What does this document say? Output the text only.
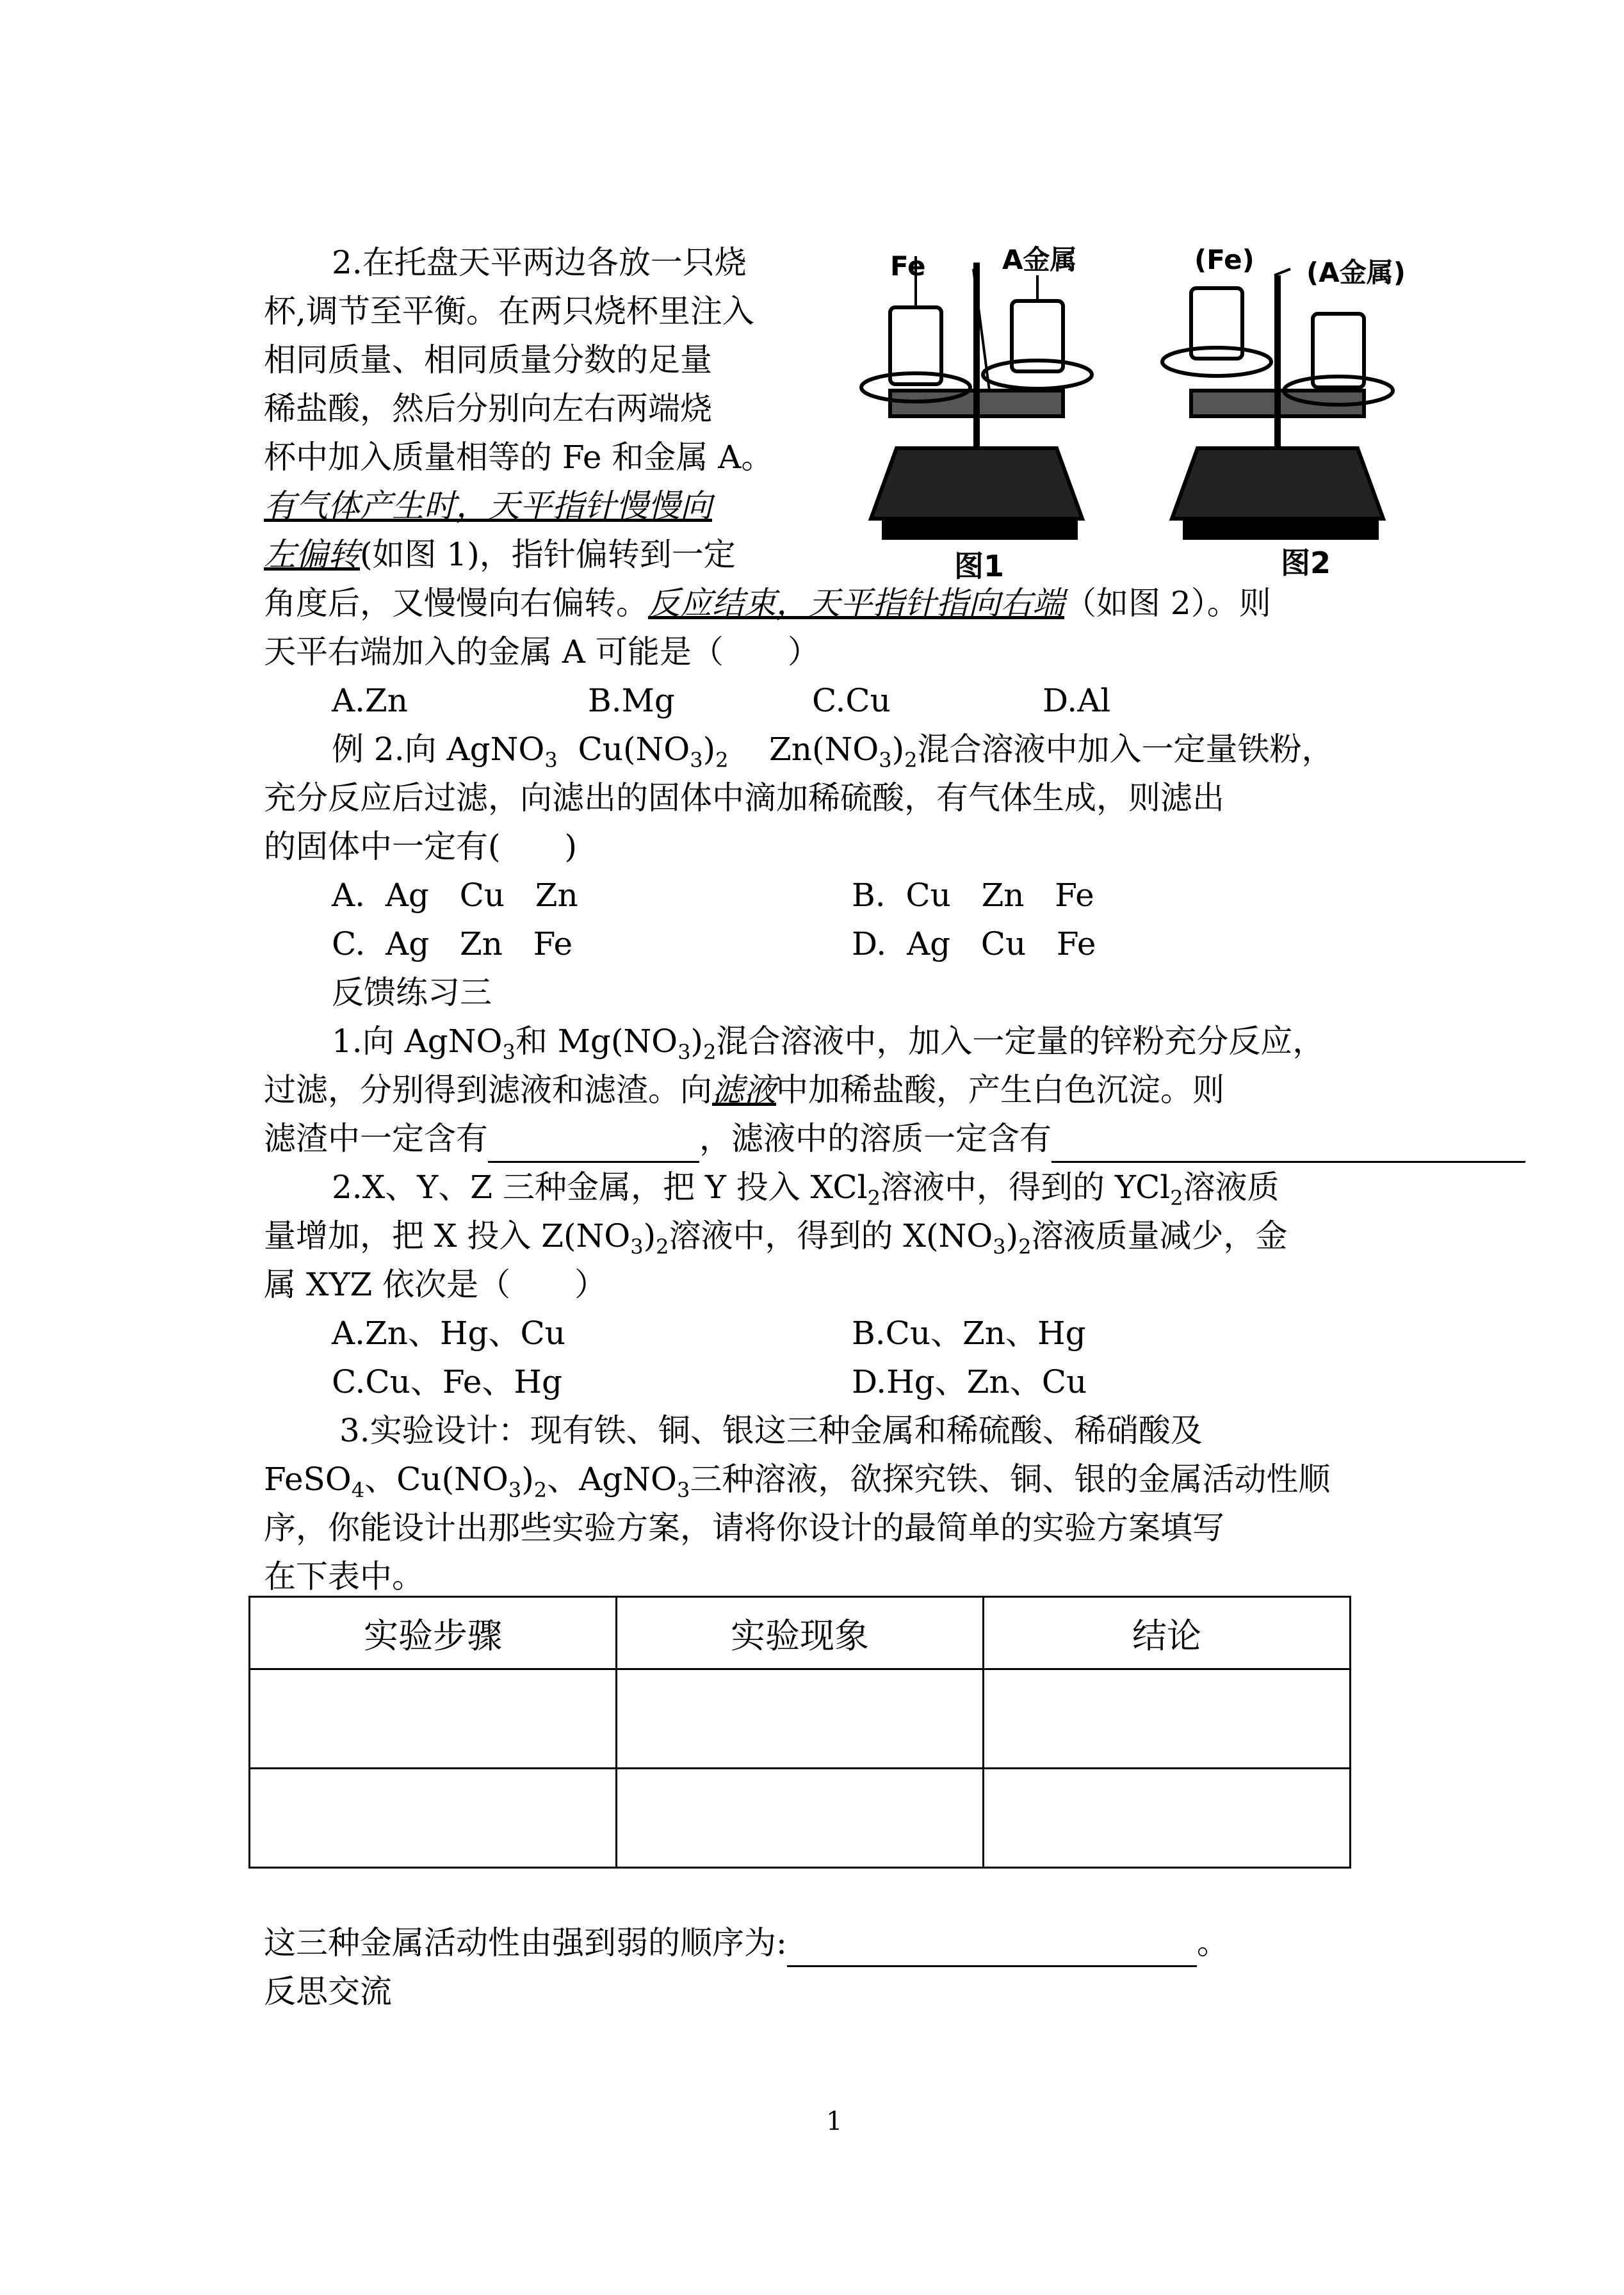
2.在托盘天平两边各放一只烧
杯,调节至平衡。在两只烧杯里注入
相同质量、相同质量分数的足量
稀盐酸，然后分别向左右两端烧
杯中加入质量相等的 Fe 和金属 A。
有气体产生时，天平指针慢慢向
左偏转(如图 1)，指针偏转到一定
角度后，又慢慢向右偏转。反应结束，天平指针指向右端（如图 2）。则
天平右端加入的金属 A 可能是（　　）
A.Zn	B.Mg	C.Cu	D.Al
Fe	A金属	(Fe) (A金属)
图1	图2
例 2.向 AgNO$_3$ $Cu(NO_3)_2$ $Zn(NO_3)_2$混合溶液中加入一定量铁粉，
充分反应后过滤，向滤出的固体中滴加稀硫酸，有气体生成，则滤出
的固体中一定有(　　)
A.  Ag   Cu   Zn	B.  Cu   Zn   Fe
C.  Ag   Zn   Fe	D.  Ag   Cu   Fe
反馈练习三
1.向 AgNO$_3$和 $Mg(NO_3)_2$混合溶液中，加入一定量的锌粉充分反应，
过滤，分别得到滤液和滤渣。向滤液中加稀盐酸，产生白色沉淀。则
滤渣中一定含有	，滤液中的溶质一定含有
2.X、Y、Z 三种金属，把 Y 投入 XCl$_2$溶液中，得到的 YCl$_2$溶液质
量增加，把 X 投入 $Z(NO_3)_2$溶液中，得到的 $X(NO_3)_2$溶液质量减少，金
属 XYZ 依次是（　　）
A.Zn、Hg、Cu	B.Cu、Zn、Hg
C.Cu、Fe、Hg	D.Hg、Zn、Cu
3.实验设计：现有铁、铜、银这三种金属和稀硫酸、稀硝酸及
FeSO$_4$、$Cu(NO_3)_2$、AgNO$_3$三种溶液，欲探究铁、铜、银的金属活动性顺
序，你能设计出那些实验方案，请将你设计的最简单的实验方案填写
在下表中。
实验步骤	实验现象	结论

这三种金属活动性由强到弱的顺序为:	。
反思交流
1
